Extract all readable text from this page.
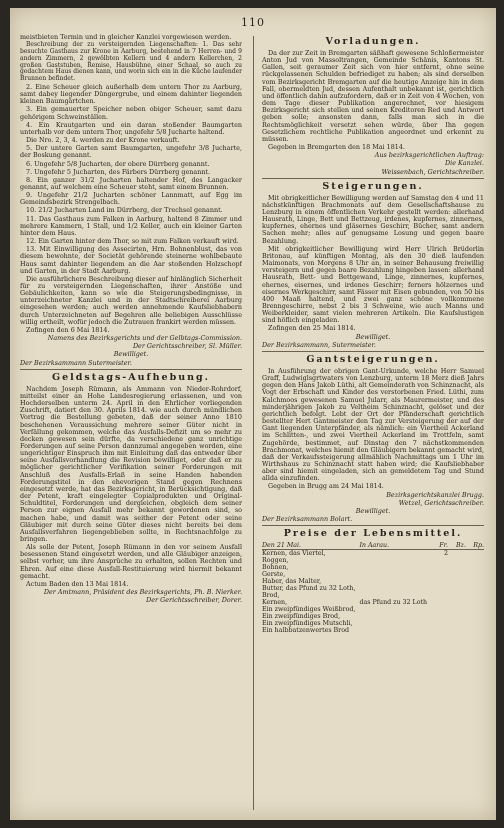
110

meistbieten Termin und in gleicher Kanzlei vorgewiesen werden.

Beschreibung der zu versteigernden Liegenschaften: 1. Das sehr besuchte Gasthaus zur Krone in Aarburg, bestehend in 7 Herren- und 9 andern Zimmern, 2 gewölbten Kellern und 4 andern Kellerchen, 2 großen Gaststuben, Remise, Hausbühne, einer Schaal, so auch zu gedachtem Haus dienen kann, und worin sich ein in die Küche laufender Brunnen befindet.

2. Eine Scheuer gleich außerhalb dem untern Thor zu Aarburg, samt dabey liegender Düngergrube, und einem dahinter liegenden kleinen Baumgärtchen.

3. Ein gemauerter Speicher neben obiger Scheuer, samt dazu gehörigem Schweinställen.

4. Ein Krautgarten und ein daran stoßender Baumgarten unterhalb vor dem untern Thor, ungefehr 5/8 Jucharte haltend.

Die Nro. 2, 3, 4. werden zu der Krone verkauft.

5. Der untere Garten samt Baumgarten, ungefehr 3/8 Jucharte, der Boskung genannt.

6. Ungefehr 5/8 Jucharten, der obere Dürrberg genannt.

7. Ungefehr 5 Jucharten, des Färbers Dürrberg genannt.

8. Ein ganzer 31/2 Jucharten haltender Hof, des Langacker genannt, auf welchem eine Scheuer steht, samt einem Brunnen.

9. Ungefehr 21/2 Jucharten schöner Lannmatt, auf Egg im Gemeindsbezirk Strengelbach.

10. 21/2 Jucharten Land im Dürrberg, der Trechsel genannt.

11. Das Gasthaus zum Falken in Aarburg, haltend 8 Zimmer und mehrere Kammern, 1 Stall, und 1/2 Keller, auch ein kleiner Garten hinter dem Haus.

12. Ein Garten hinter dem Thor, so mit zum Falken verkauft wird.

13. Mit Einwilligung des Assecirten, Hrn. Bohnenblust, das von diesem bewohnte, der Societät gehörende steinerne wohlbebaute Haus samt dahinter liegendem an die Aar stoßenden Holzschopf und Garten, in der Stadt Aarburg.

Die ausführlichere Beschreibung dieser auf hinlänglich Sicherheit für zu versteigernden Liegenschaften, ihrer Anstöße und Gebäulichkeiten, kann so wie die Steigerungsbedingnisse, in unterzeichneter Kanzlei und in der Stadtschreiberei Aarburg eingesehen werden; auch werden annehmende Kaufsliebhabern durch Unterzeichneten auf Begehren alle beliebigen Ausschlüsse willig ertheilt, wofür jedoch die Zutrauen frankirt werden müssen.

Zofingen den 6 Mai 1814.

Namens des Bezirksgerichts und der Gelbtags-Commission.

Der Gerichtsschreiber, Sl. Müller.

Bewilliget.

Der Bezirksammann Sutermeister.

Geldstags-Aufhebung.

Nachdem Joseph Rümann, als Ammann von Nieder-Rohrdorf, mitteilst einer an Hohe Landesregierung erlassenen, und von Hochderselben unterm 24. April in den Ehrlicher vorliegenden Zuschrift, datiert den 30. Aprils 1814. wie auch durch mündlichen Vortrag die Bestellung gebeten, daß der seiner Anno 1810 beschehenen Veraussichung mehrere seiner Güter nicht in Verfällung gekommen, welche das Ausfalls-Defizit um so mehr zu decken gewesen sein dürfte, da verschiedene ganz unrichtige Forderungen auf seine Person dannzumal angegeben worden, eine ungerichtiger Einspruch ihm mit Einleitung daß das entweder über seine Ausfallsvorhandlung die Revision bewilliget, oder daß er zu möglicher gerichtlicher Verifikation seiner Forderungen mit Anschluß des Ausfalls-Erlaß in seine Handen habenden Forderungstitel in den ehevorigen Stand gegen Rechnens eingesetzt werde, hat das Bezirksgericht, in Berücksichtigung, daß der Petent, kraft eingelegter Copialprodukten und Original-Schuldtitel, Forderungen und dergleichen, obgleich dem seiner Person zur eignen Ausfall mehr bekannt gewordenen sind, so machen habe, und damit was seither der Petent oder seine Gläubiger mit durch seine Güter dieses nicht bereits bei dem Ausfallsverfahren liegengeblieben sollte, in Rechtsnachfolge zu bringen.

Als solle der Petent, Joseph Rümann in den vor seinem Ausfall besessenen Stand eingesetzt werden, und alle Gläubiger anzeigen, selbst vorher, um ihre Ansprüche zu erhalten, sollen Rechten und Ehren. Auf eine diese Ausfall-Restituierung wird hiermit bekannt gemacht.

Actum Baden den 13 Mai 1814.

Der Amtmann, Präsident des Bezirksgerichts, Ph. B. Nierker.

Der Gerichtsschreiber, Dorer.

Vorladungen.

Da der zur Zeit in Bremgarten säßhaft gewesene Schloßermeister Anton Jud von Massoltrangen, Gemeinde Schänis, Kantons St. Gallen, seit geraumer Zeit sich von hier entfernt, ohne seine rückgelassenen Schulden befriediget zu haben; als sind derselben vom Bezirksgericht Bremgarten auf die heutige Anzeige hin in dem Fall, obermeldten Jud, dessen Aufenthalt unbekannt ist, gerichtlich und öffentlich dahin aufzufordern, daß er in Zeit von 4 Wochen, von dem Tage dieser Publikation angerechnet, vor hiesigem Bezirksgericht sich stellen und seinen Kreditoren Red und Antwort geben solle; ansonsten dann, falls man sich in die Rechtsmöglichkeit versetzt sehen würde, über Ihn gegen Gesetzlichem rechtliche Publikation angeordnet und erkennt zu müssen.

Gegeben in Bremgarten den 18 Mai 1814.

Aus bezirksgerichtlichen Auftrag:

Die Kanzlei.

Weissenbach, Gerichtschreiber.

Steigerungen.

Mit obrigkeitlicher Bewilligung werden auf Samstag den 4 und 11 nächstkünftigen Brachmonats auf dem Gesellschaftshause zu Lenzburg in einem öffentlichen Verkehr gestellt werden: allerhand Hausrath, Linge, Bett und Bettzeug, irdenes, kupfernes, zinnernes, kupfernes, ehernes und gläsernes Geschirr, Bücher, samt andern Sachen mehr; alles auf genugsame Losung und gegen baare Bezahlung.

Mit obrigkeitlicher Bewilligung wird Herr Ulrich Brüderlin Britonau, auf künftigen Montag, als den 30 dieß laufenden Maimonats, von Morgens 8 Uhr an, in seiner Behausung freiwillig versteigern und gegen baare Bezahlung hingeben lassen: allerhand Hausrath, Bett- und Bettgewand, Linge, zinnernes, kupfernes, ehernes, eisernes, und irdenes Geschirr; ferners hölzernes und eisernes Werkgeschirr, samt Fässer mit Eisen gebunden, von 50 bis 400 Maaß haltend, und zwei ganz schöne vollkommene Brenngeschirre, nebst 2 bis 3 Schweine, wie auch Manns und Weiberkleider, samt vielen mehreren Artikeln. Die Kaufslustigen sind höflich eingeladen.

Zofingen den 25 Mai 1814.

Bewilliget.

Der Bezirksammann, Sutermeister.

Gantsteigerungen.

In Ausführung der obrigen Gant-Urkunde, welche Herr Samuel Graff, Ludwiglsgrtwaters von Lenzburg, unterm 18 Merz dieß Jahrs gegen den Hans Jakob Lüthi, alt Gemeinderath von Schinznacht, als Vogt der Erbschaft und Kinder des verstorbenen Fried. Lüthi, zum Kalchmoos gewesenen Samuel Jularr, als Maurermeister, und des minderjährigen Jakob zu Veltheim Schinznacht, gelöset und der gerichtlich befolgt. Lebt der Ort der Pfänderschaft gerichtlich bestellter Hert Gantmeister den Tag zur Versteigerung der auf der Gant liegenden Unterpfänder, als nämlich: ein Viertheil Ackerland im Schlitten-, und zwei Viertheil Ackerland im Trottfeln, samt Zugehörde, bestimmet, auf Dinstag den 7 nächstkommenden Brachmonat, welches hiemit den Gläubigern bekannt gemacht wird, daß der Verkaufssteigerung allmählich Nachmittags um 1 Uhr im Wirthshaus zu Schinznacht statt haben wird; die Kaufsliebhaber aber sind hiemit eingeladen, sich an gemeldetem Tag und Stund allda einzufinden.

Gegeben in Brugg am 24 Mai 1814.

Bezirksgerichtskanzlei Brugg.

Wetzel, Gerichtsschreiber.

Bewilliget.

Der Bezirksammann Bolart.

Preise der Lebensmittel.
Den 21 Mai.	In Aarau.	Fr.	Bz.	Rp.
Kernen, das Viertel,		2		
Roggen,				
Bohnen,				
Gerste,				
Haber, das Malter,				
Butter, das Pfund zu 32 Loth,				
Brod,				
Kernen,	das Pfund zu 32 Loth			
Ein zweipfündiges Weißbrod,				
Ein zweipfündiges Brod,				
Ein zweipfündiges Mutschli,				
Ein halbbatzenwertes Brod				
